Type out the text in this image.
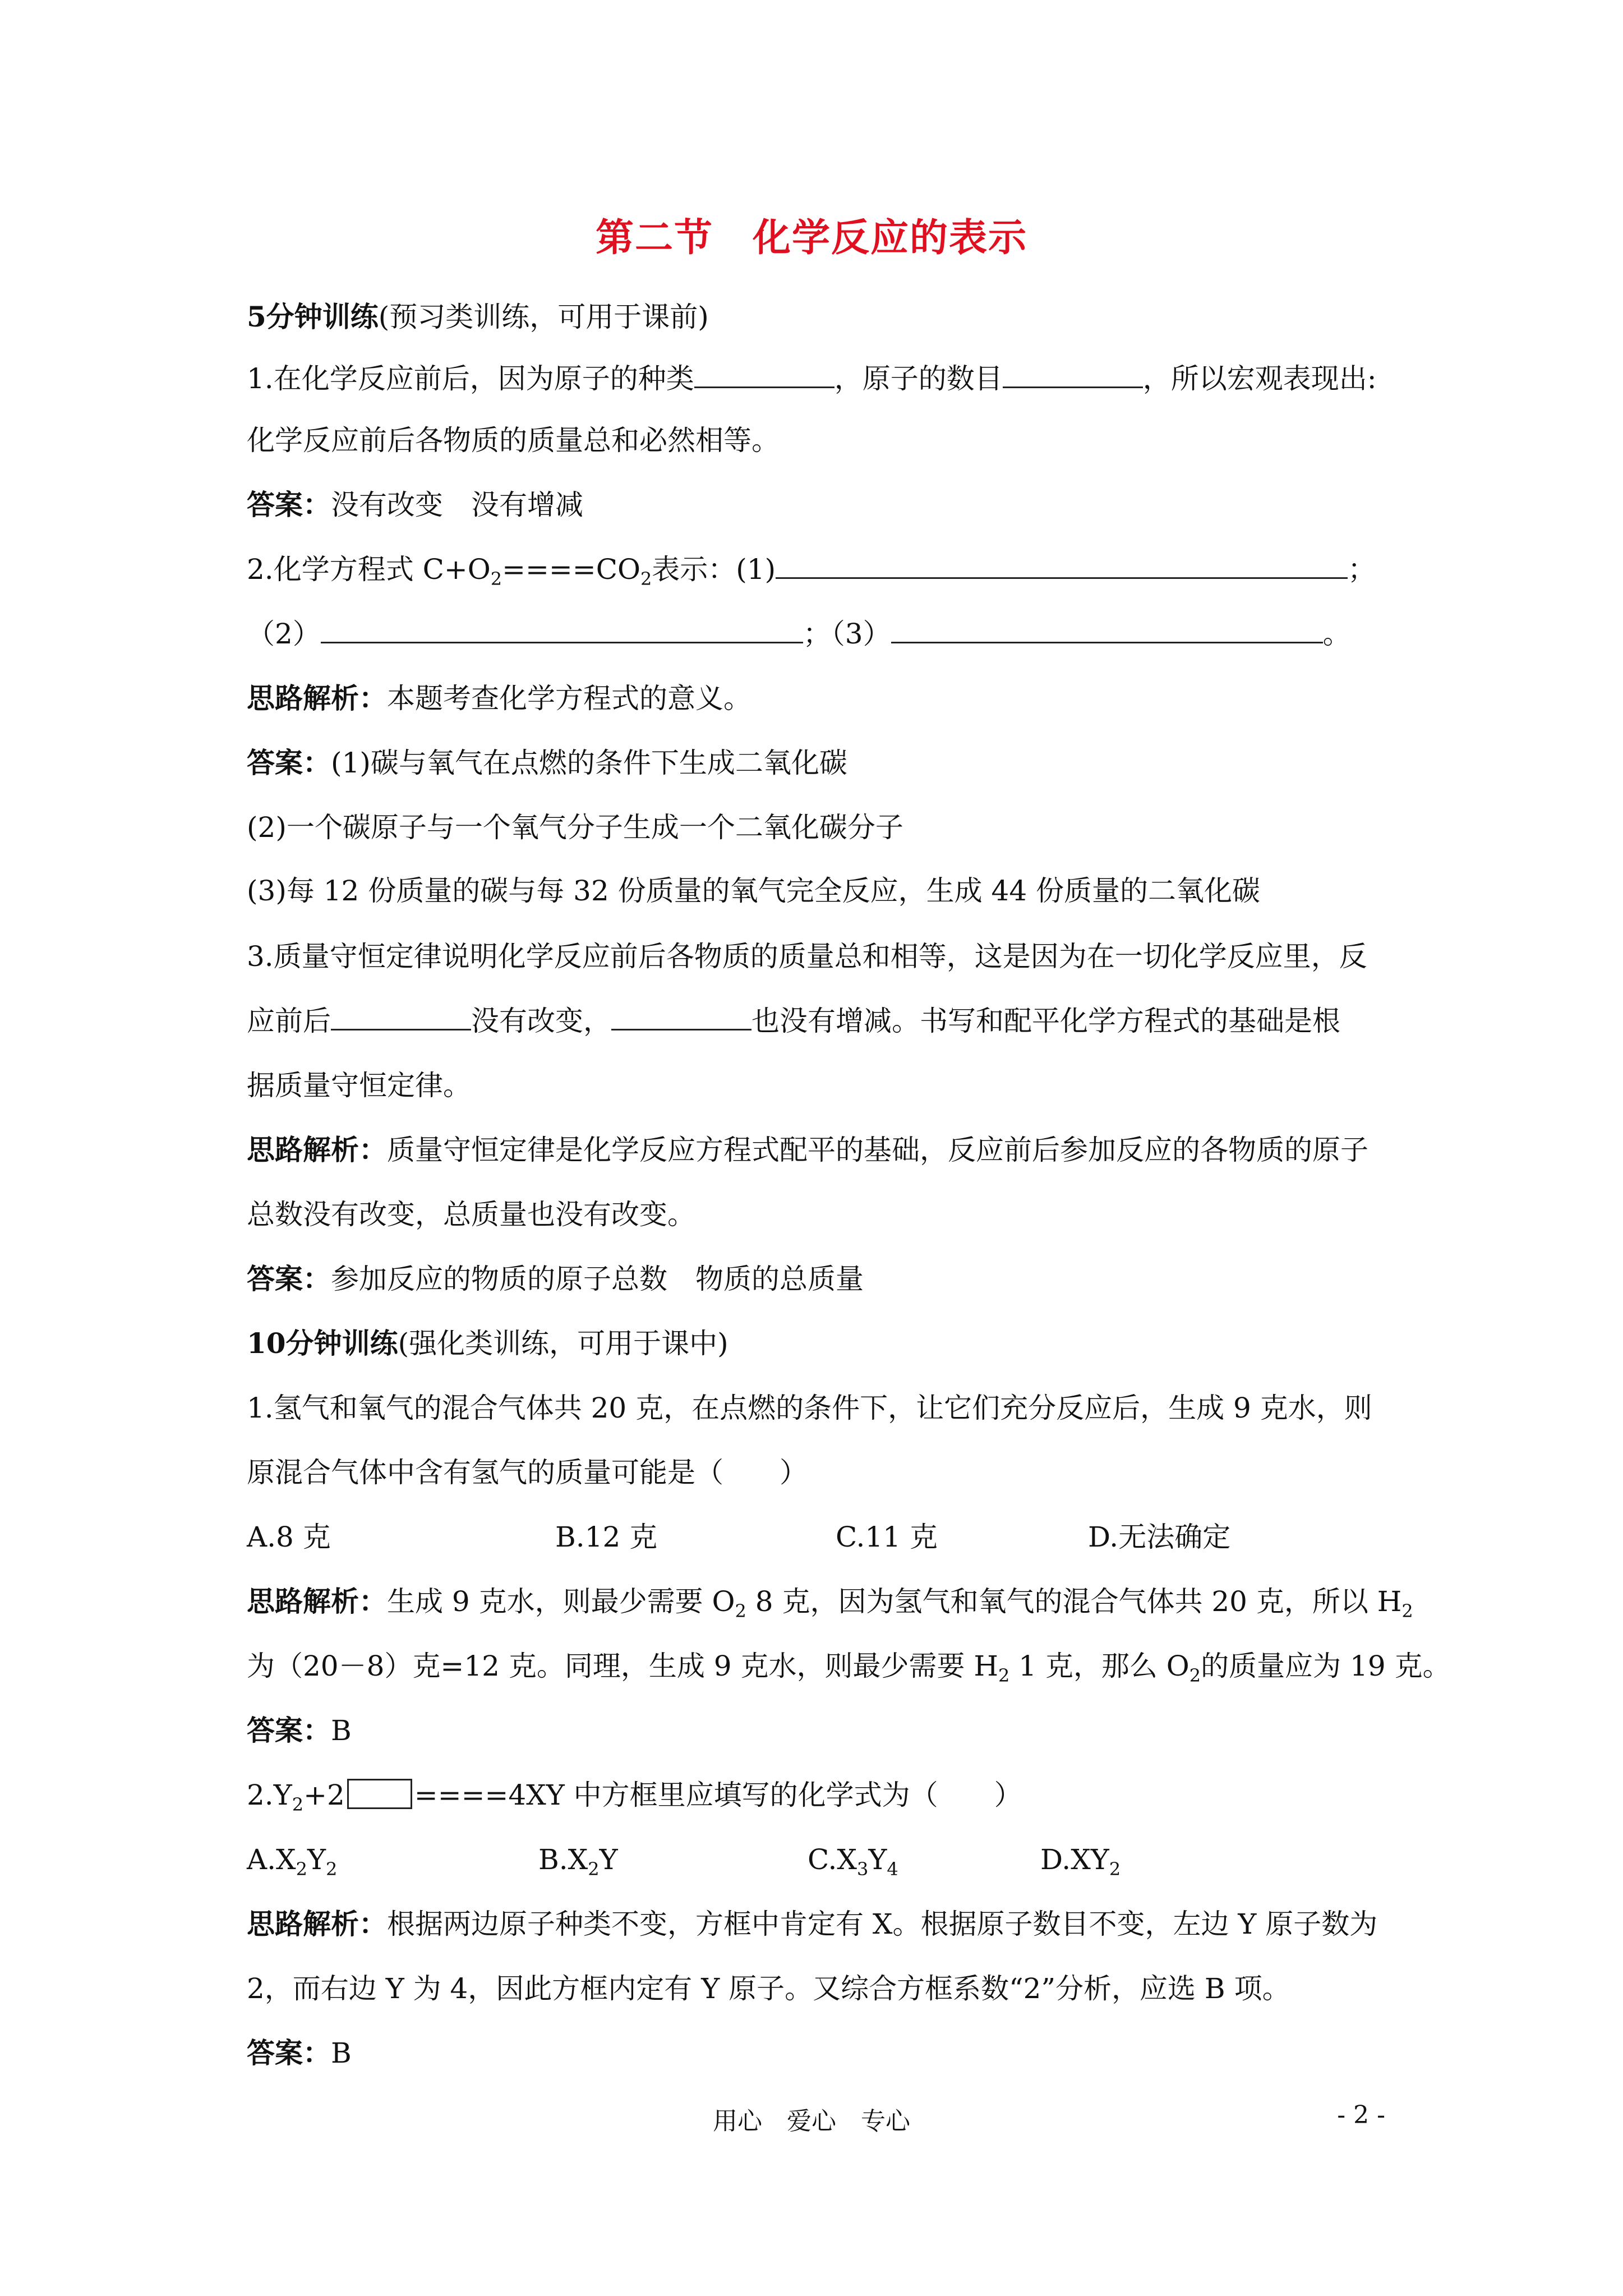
第二节　化学反应的表示
5分钟训练(预习类训练，可用于课前)
1.在化学反应前后，因为原子的种类	，原子的数目	，所以宏观表现出:
化学反应前后各物质的质量总和必然相等。
答案：没有改变　没有增减
2.化学方程式 $C+O_2====CO_2$表示：(1)	；
（2）	；（3）	。
思路解析：本题考查化学方程式的意义。
答案：(1)碳与氧气在点燃的条件下生成二氧化碳
(2)一个碳原子与一个氧气分子生成一个二氧化碳分子
(3)每 12 份质量的碳与每 32 份质量的氧气完全反应，生成 44 份质量的二氧化碳
3.质量守恒定律说明化学反应前后各物质的质量总和相等，这是因为在一切化学反应里，反
应前后	没有改变，	也没有增减。书写和配平化学方程式的基础是根
据质量守恒定律。
思路解析：质量守恒定律是化学反应方程式配平的基础，反应前后参加反应的各物质的原子
总数没有改变，总质量也没有改变。
答案：参加反应的物质的原子总数　物质的总质量
10分钟训练(强化类训练，可用于课中)
1.氢气和氧气的混合气体共 20 克，在点燃的条件下，让它们充分反应后，生成 9 克水，则
原混合气体中含有氢气的质量可能是（　　）
A.8 克	B.12 克	C.11 克	D.无法确定
思路解析：生成 9 克水，则最少需要 $O_2$ 8 克，因为氢气和氧气的混合气体共 20 克，所以 $H_2$
为（20－8）克=12 克。同理，生成 9 克水，则最少需要 $H_2$ 1 克，那么 $O_2$的质量应为 19 克。
答案：B
$2.Y_2+2 ====4XY$ 中方框里应填写的化学式为（　　）
$A.X_2Y_2$	$B.X_2Y$	$C.X_3Y_4$	$D.XY_2$
思路解析：根据两边原子种类不变，方框中肯定有 X。根据原子数目不变，左边 Y 原子数为
2，而右边 Y 为 4，因此方框内定有 Y 原子。又综合方框系数“2”分析，应选 B 项。
答案：B
用心　爱心　专心	- 2 -
